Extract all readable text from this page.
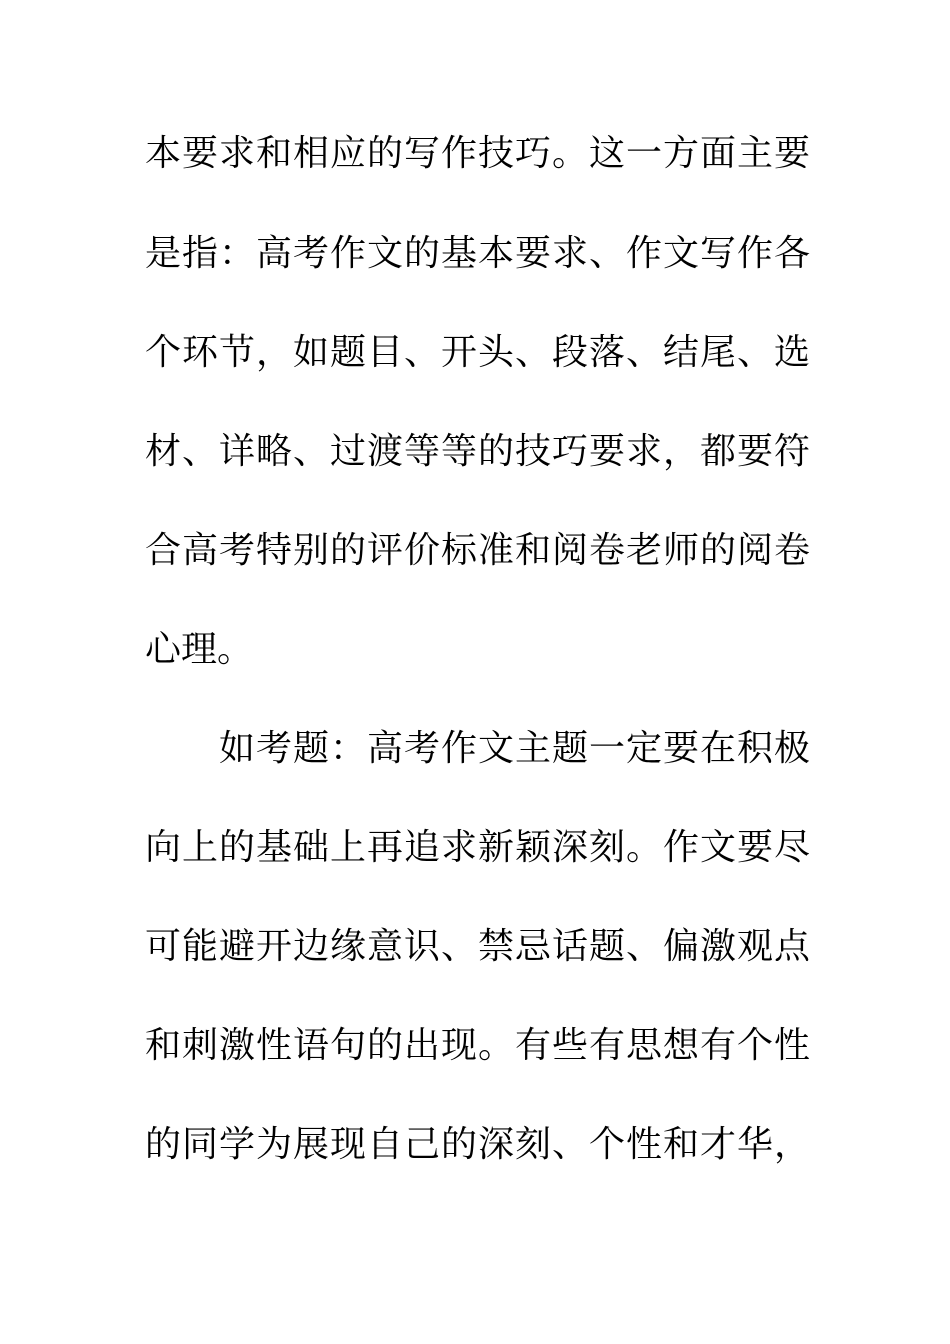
本要求和相应的写作技巧。这一方面主要
是指：高考作文的基本要求、作文写作各
个环节，如题目、开头、段落、结尾、选
材、详略、过渡等等的技巧要求，都要符
合高考特别的评价标准和阅卷老师的阅卷
心理。
如考题：高考作文主题一定要在积极
向上的基础上再追求新颖深刻。作文要尽
可能避开边缘意识、禁忌话题、偏激观点
和刺激性语句的出现。有些有思想有个性
的同学为展现自己的深刻、个性和才华，
